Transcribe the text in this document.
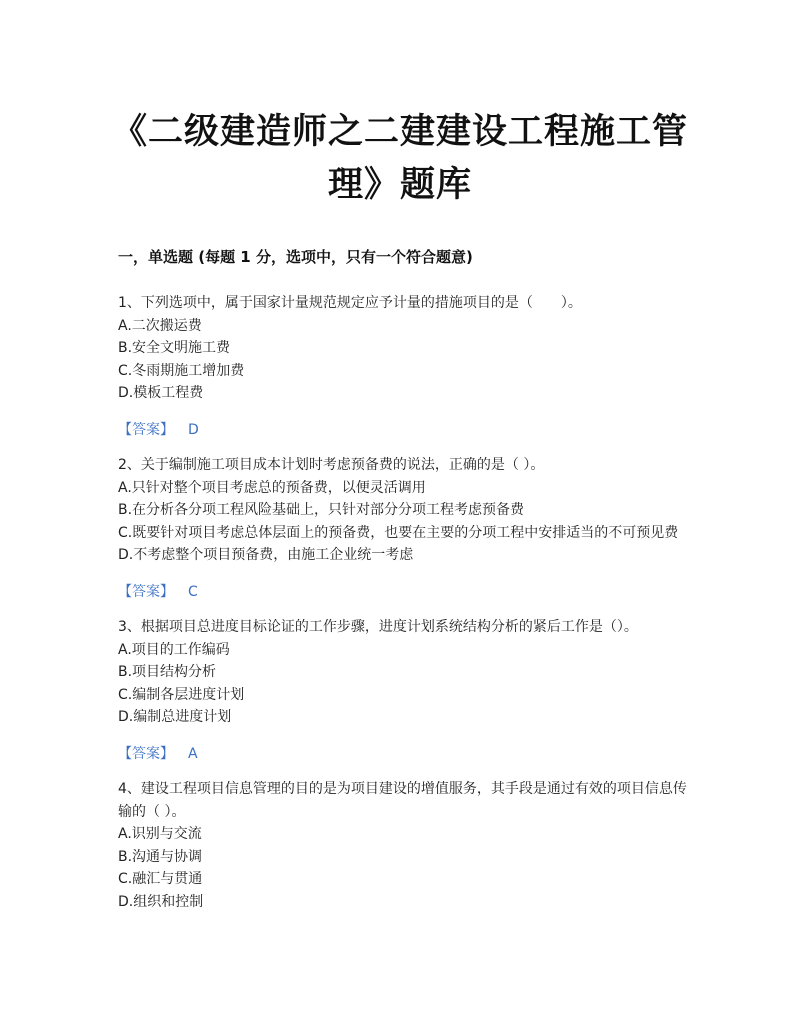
《二级建造师之二建建设工程施工管
理》题库
一，单选题 (每题 1 分，选项中，只有一个符合题意)

1、下列选项中，属于国家计量规范规定应予计量的措施项目的是（　　）。

A.二次搬运费

B.安全文明施工费

C.冬雨期施工增加费

D.模板工程费

【答案】 D

2、关于编制施工项目成本计划时考虑预备费的说法，正确的是（ ）。

A.只针对整个项目考虑总的预备费，以便灵活调用

B.在分析各分项工程风险基础上，只针对部分分项工程考虑预备费

C.既要针对项目考虑总体层面上的预备费，也要在主要的分项工程中安排适当的不可预见费

D.不考虑整个项目预备费，由施工企业统一考虑

【答案】 C

3、根据项目总进度目标论证的工作步骤，进度计划系统结构分析的紧后工作是（）。

A.项目的工作编码

B.项目结构分析

C.编制各层进度计划

D.编制总进度计划

【答案】 A

4、建设工程项目信息管理的目的是为项目建设的增值服务，其手段是通过有效的项目信息传输的（ ）。

A.识别与交流

B.沟通与协调

C.融汇与贯通

D.组织和控制
